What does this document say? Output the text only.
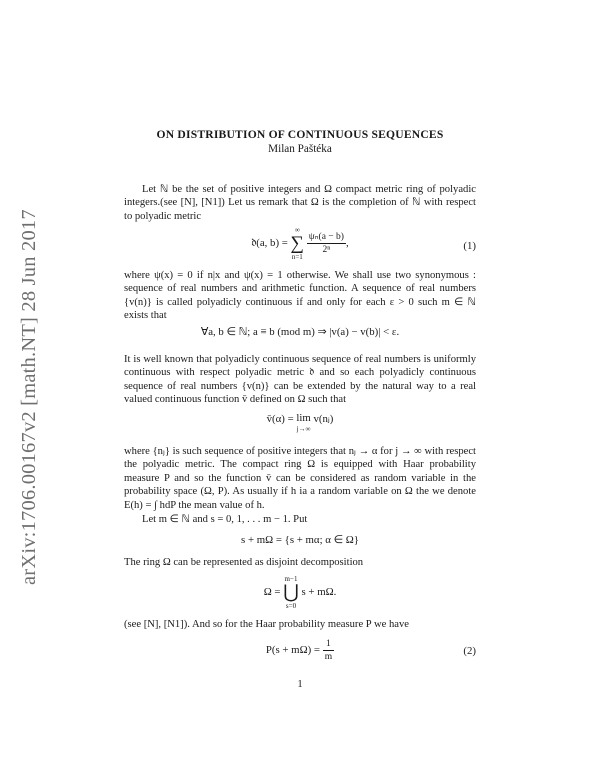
arXiv:1706.00167v2 [math.NT] 28 Jun 2017
ON DISTRIBUTION OF CONTINUOUS SEQUENCES
Milan Paštéka
Let ℕ be the set of positive integers and Ω compact metric ring of polyadic integers.(see [N], [N1]) Let us remark that Ω is the completion of ℕ with respect to polyadic metric
𝔡(a, b) =
∞
∑
n=1

$\frac{\text{ψₙ(a − b)}}{\text{2ⁿ}}$ ,	(1)
where ψ(x) = 0 if n|x and ψ(x) = 1 otherwise. We shall use two synonymous : sequence of real numbers and arithmetic function. A sequence of real numbers {v(n)} is called polyadicly continuous if and only for each ε > 0 such m ∈ ℕ exists that
∀a, b ∈ ℕ; a ≡ b (mod m) ⇒ |v(a) − v(b)| < ε.
It is well known that polyadicly continuous sequence of real numbers is uniformly continuous with respect polyadic metric 𝔡 and so each polyadicly continuous sequence of real numbers {v(n)} can be extended by the natural way to a real valued continuous function v̄ defined on Ω such that
v̄(α) = lim
j→∞
v(nⱼ)
where {nⱼ} is such sequence of positive integers that nⱼ → α for j → ∞ with respect the polyadic metric. The compact ring Ω is equipped with Haar probability measure P and so the function v̄ can be considered as random variable in the probability space (Ω, P). As usually if h ia a random variable on Ω the we denote E(h) = ∫ hdP the mean value of h.
Let m ∈ ℕ and s = 0, 1, . . . m − 1. Put
s + mΩ = {s + mα; α ∈ Ω}
The ring Ω can be represented as disjoint decomposition
Ω =
m−1
⋃
s=0
s + mΩ.
(see [N], [N1]). And so for the Haar probability measure P we have
$P(s + m\Omega) = \frac{1}{m}$	(2)
1
